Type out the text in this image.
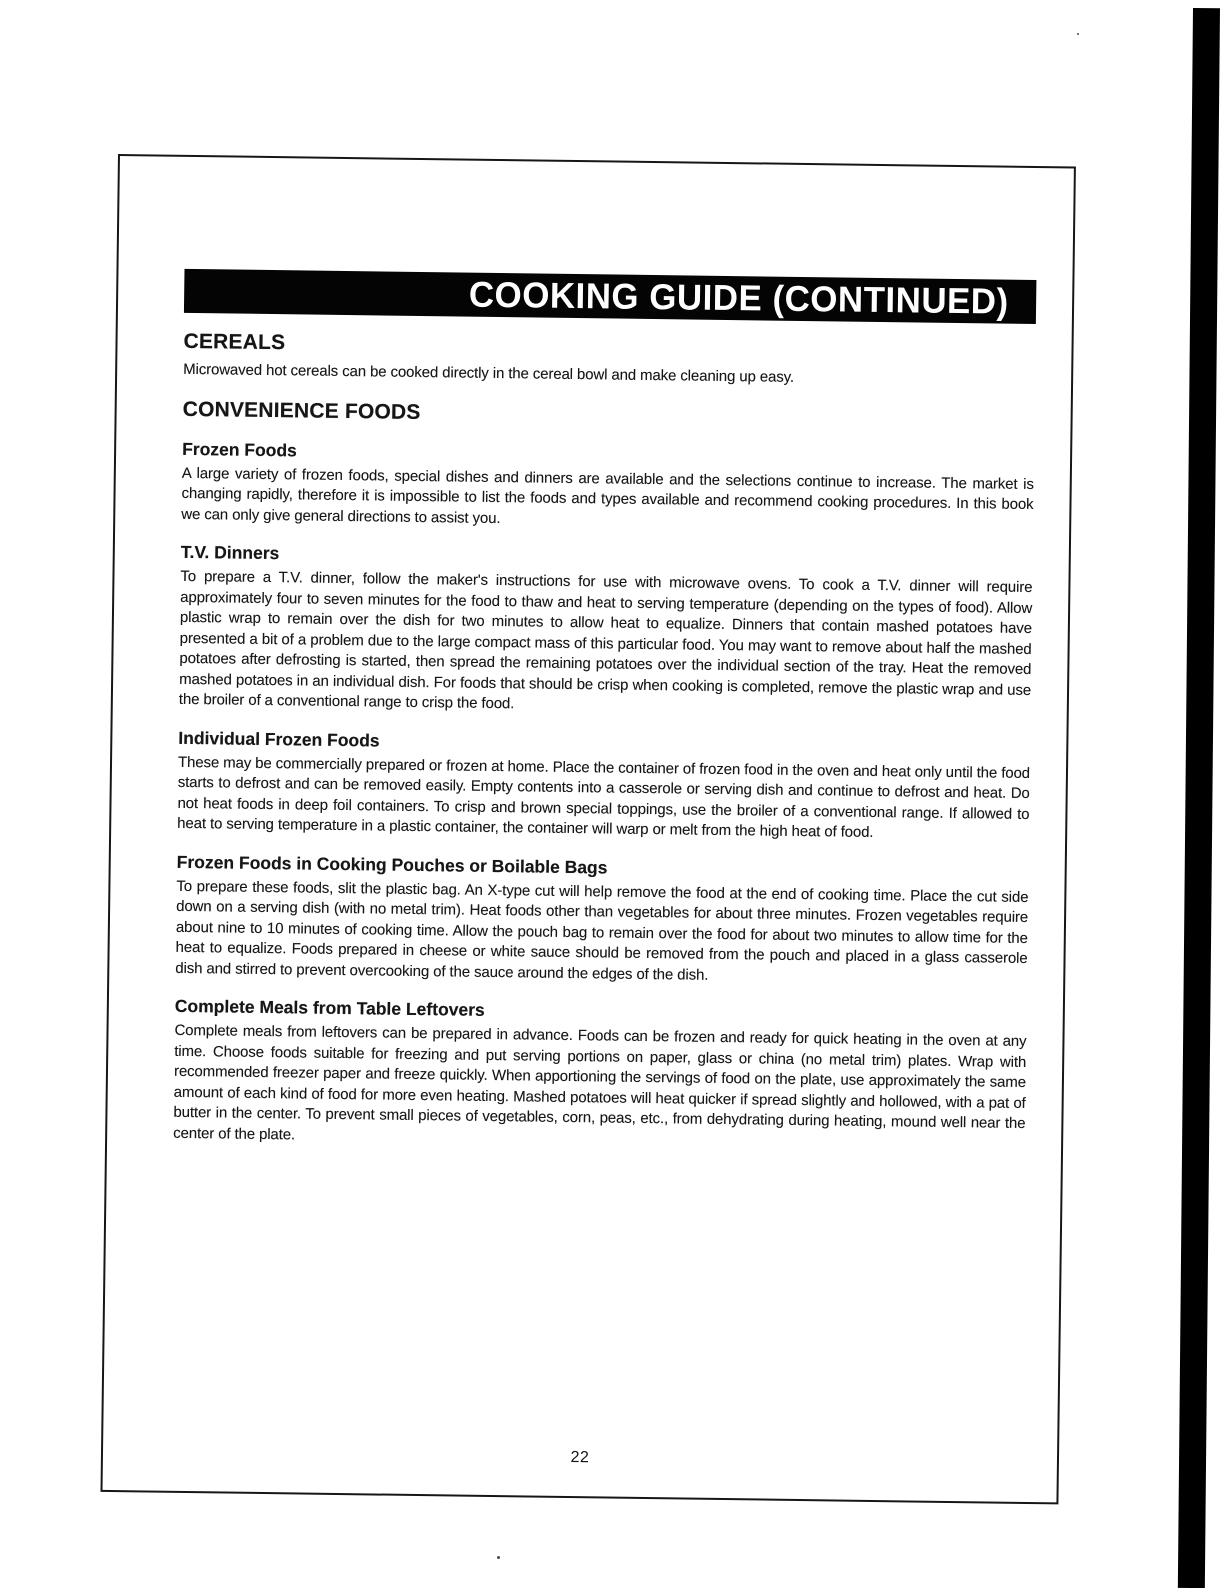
COOKING GUIDE (CONTINUED)
CEREALS

Microwaved hot cereals can be cooked directly in the cereal bowl and make cleaning up easy.

CONVENIENCE FOODS
Frozen Foods

A large variety of frozen foods, special dishes and dinners are available and the selections continue to increase. The market is changing rapidly, therefore it is impossible to list the foods and types available and recommend cooking procedures. In this book we can only give general directions to assist you.

T.V. Dinners

To prepare a T.V. dinner, follow the maker's instructions for use with microwave ovens. To cook a T.V. dinner will require approximately four to seven minutes for the food to thaw and heat to serving temperature (depending on the types of food). Allow plastic wrap to remain over the dish for two minutes to allow heat to equalize. Dinners that contain mashed potatoes have presented a bit of a problem due to the large compact mass of this particular food. You may want to remove about half the mashed potatoes after defrosting is started, then spread the remaining potatoes over the individual section of the tray. Heat the removed mashed potatoes in an individual dish. For foods that should be crisp when cooking is completed, remove the plastic wrap and use the broiler of a conventional range to crisp the food.

Individual Frozen Foods

These may be commercially prepared or frozen at home. Place the container of frozen food in the oven and heat only until the food starts to defrost and can be removed easily. Empty contents into a casserole or serving dish and continue to defrost and heat. Do not heat foods in deep foil containers. To crisp and brown special toppings, use the broiler of a conventional range. If allowed to heat to serving temperature in a plastic container, the container will warp or melt from the high heat of food.

Frozen Foods in Cooking Pouches or Boilable Bags

To prepare these foods, slit the plastic bag. An X-type cut will help remove the food at the end of cooking time. Place the cut side down on a serving dish (with no metal trim). Heat foods other than vegetables for about three minutes. Frozen vegetables require about nine to 10 minutes of cooking time. Allow the pouch bag to remain over the food for about two minutes to allow time for the heat to equalize. Foods prepared in cheese or white sauce should be removed from the pouch and placed in a glass casserole dish and stirred to prevent overcooking of the sauce around the edges of the dish.

Complete Meals from Table Leftovers

Complete meals from leftovers can be prepared in advance. Foods can be frozen and ready for quick heating in the oven at any time. Choose foods suitable for freezing and put serving portions on paper, glass or china (no metal trim) plates. Wrap with recommended freezer paper and freeze quickly. When apportioning the servings of food on the plate, use approximately the same amount of each kind of food for more even heating. Mashed potatoes will heat quicker if spread slightly and hollowed, with a pat of butter in the center. To prevent small pieces of vegetables, corn, peas, etc., from dehydrating during heating, mound well near the center of the plate.

22
